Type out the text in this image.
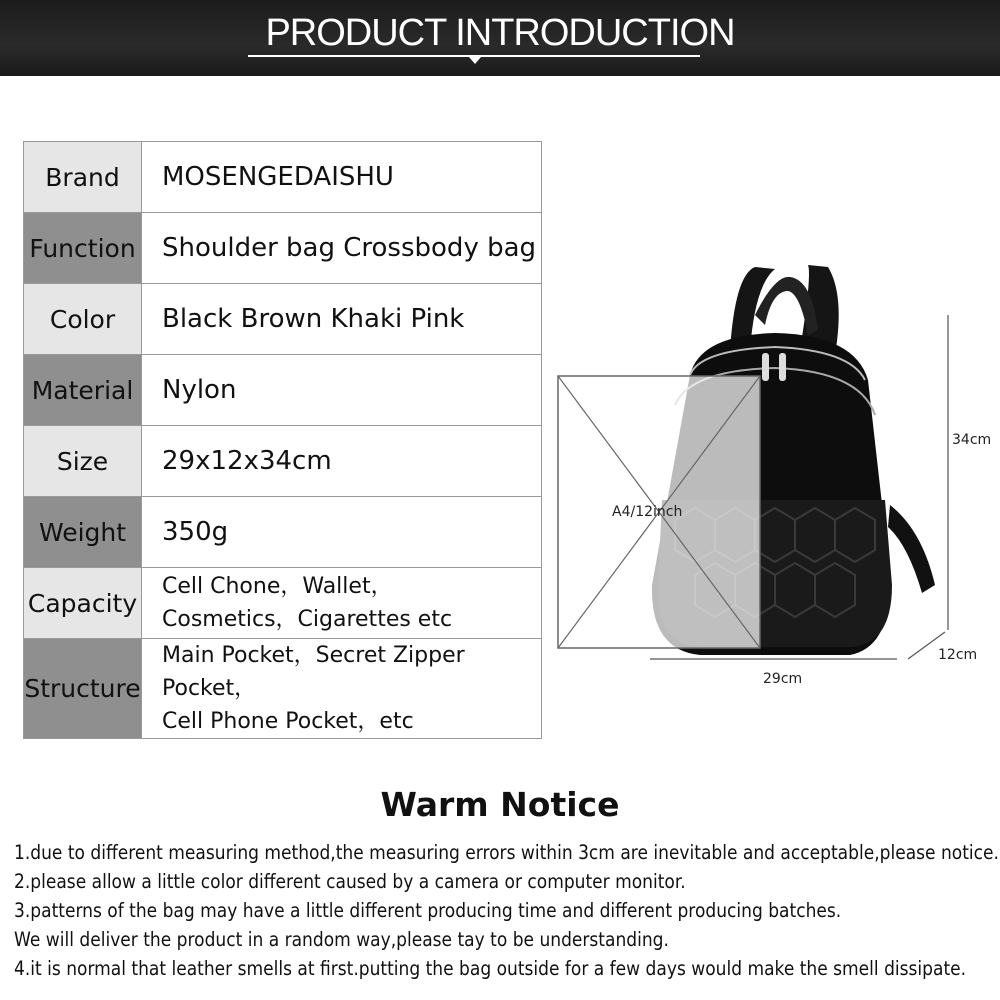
PRODUCT INTRODUCTION
Brand	MOSENGEDAISHU

Function	Shoulder bag Crossbody bag

Color	Black Brown Khaki Pink

Material	Nylon

Size	29x12x34cm

Weight	350g

Capacity	Cell Chone，Wallet，
Cosmetics，Cigarettes etc

Structure	Main Pocket，Secret Zipper Pocket，
Cell Phone Pocket，etc
A4/12inch
34cm
12cm
29cm
Warm Notice
1.due to different measuring method,the measuring errors within 3cm are inevitable and acceptable,please notice.
2.please allow a little color different caused by a camera or computer monitor.
3.patterns of the bag may have a little different producing time and different producing batches.
We will deliver the product in a random way,please tay to be understanding.
4.it is normal that leather smells at first.putting the bag outside for a few days would make the smell dissipate.
